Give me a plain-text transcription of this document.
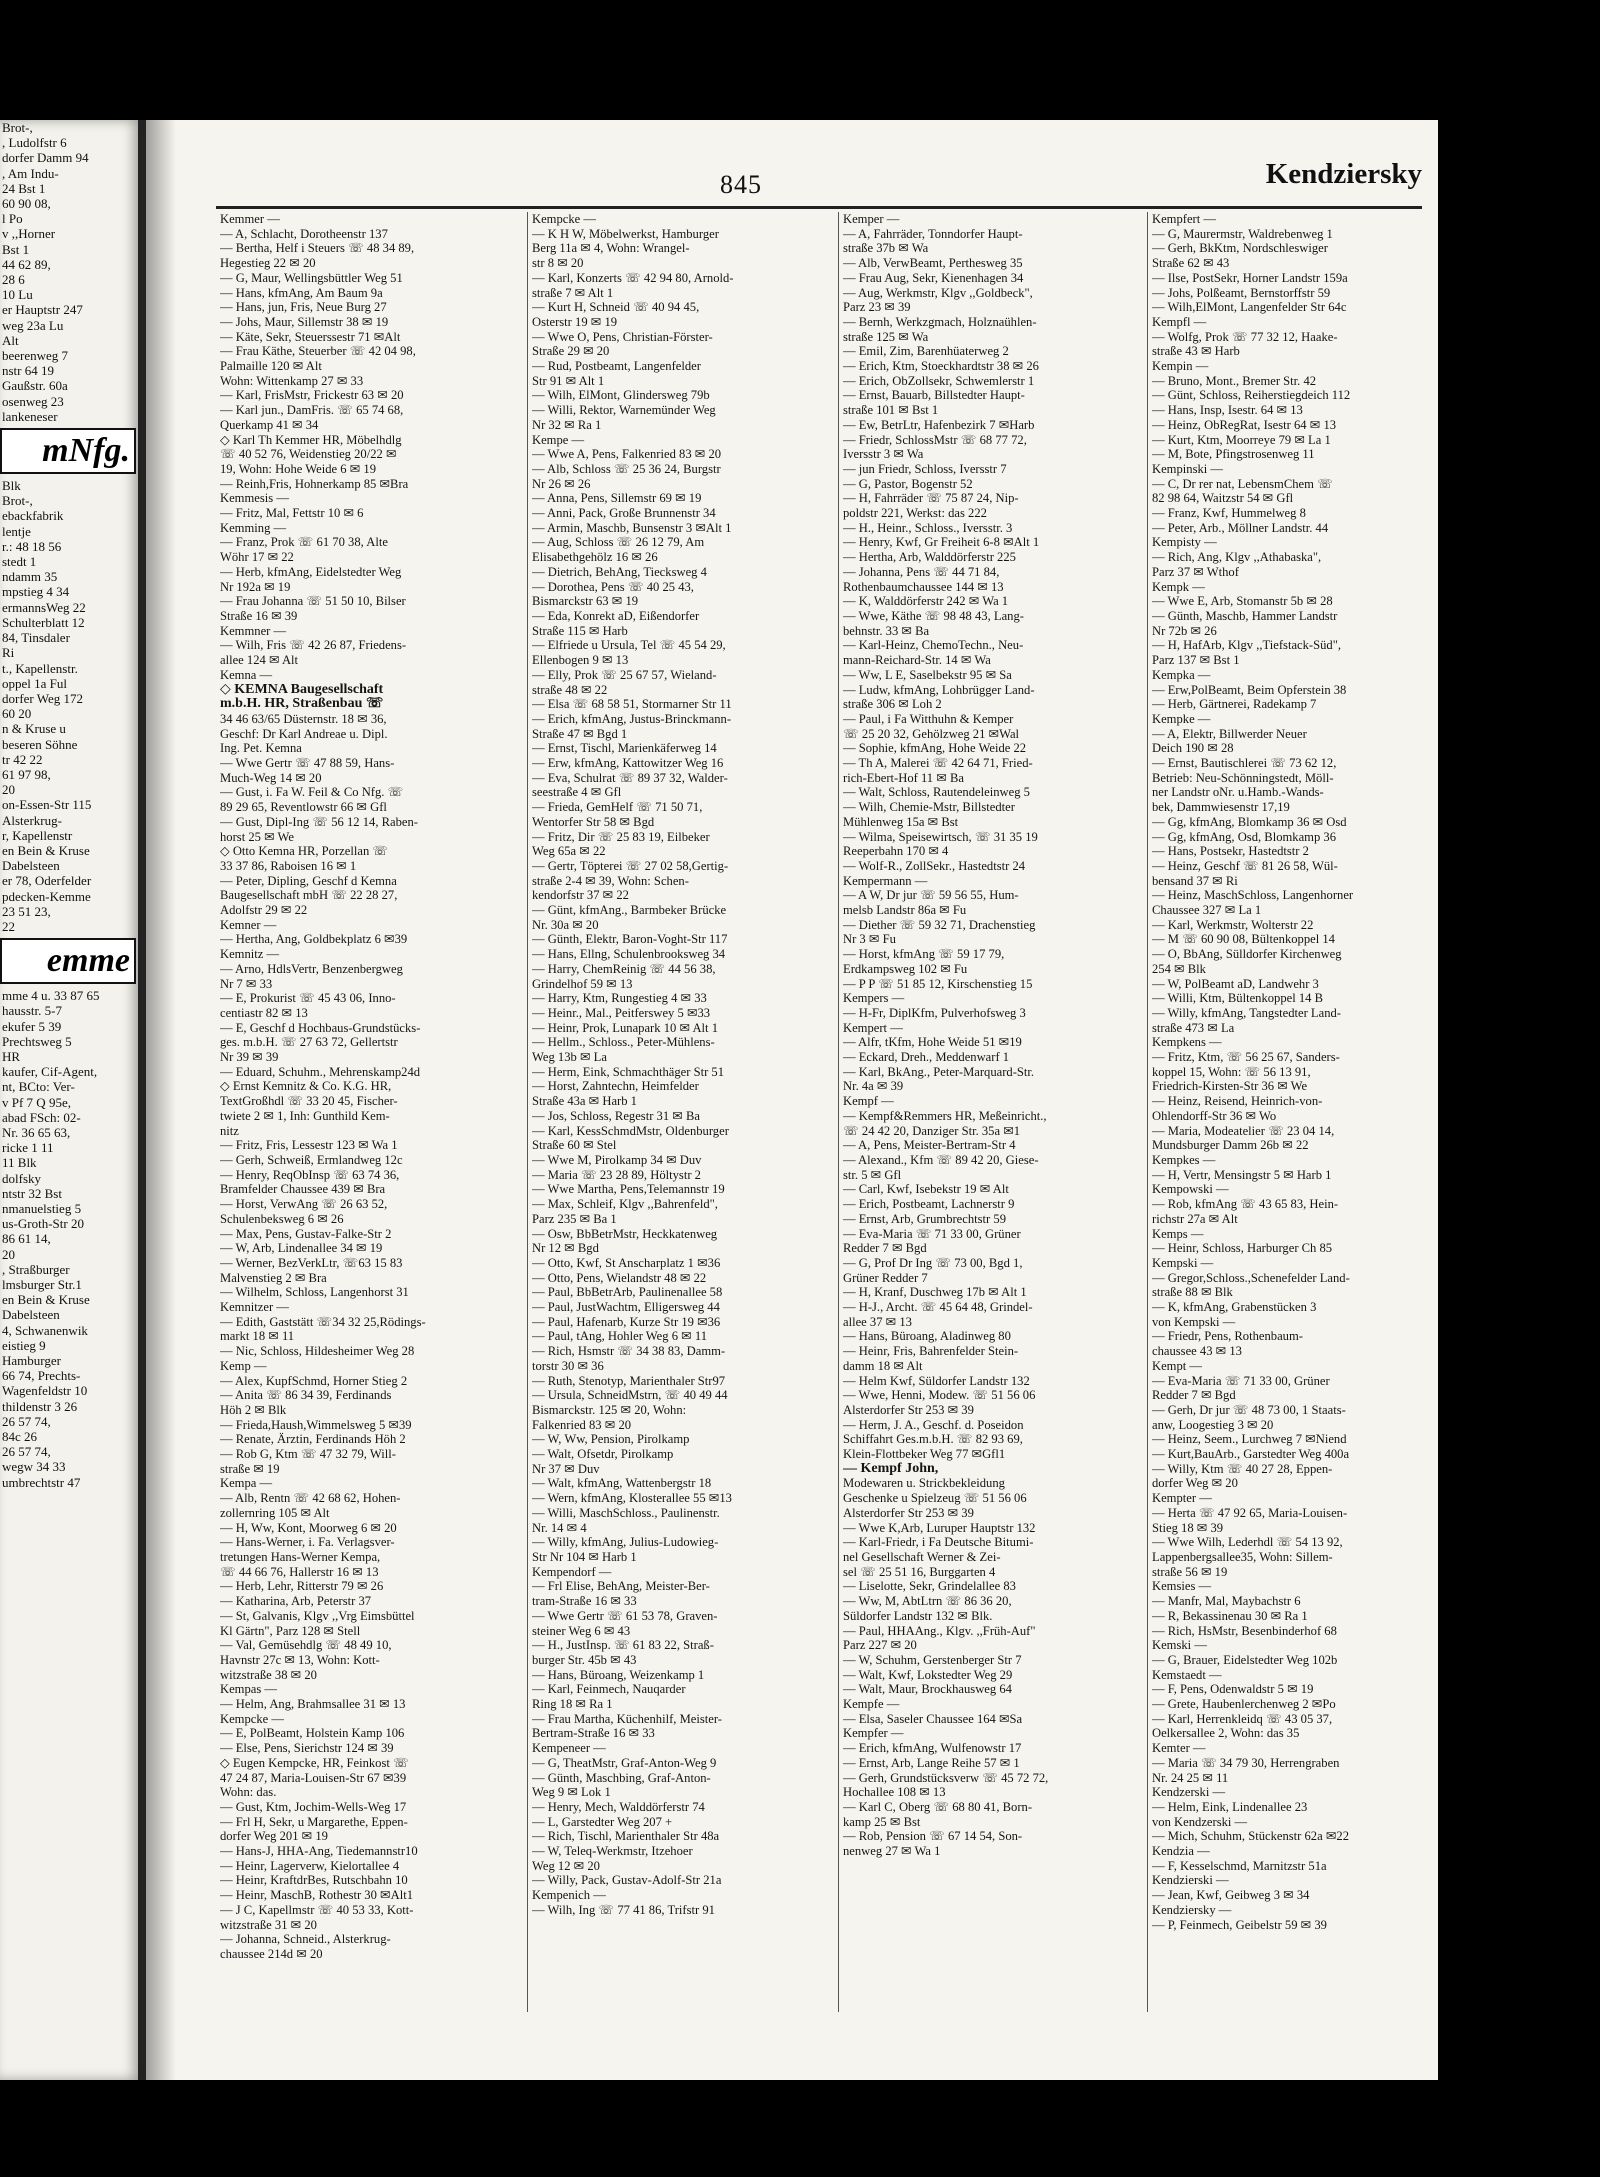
Brot-,
, Ludolfstr 6
dorfer Damm 94
, Am Indu-
24 Bst 1
60 90 08,
l Po
v ,,Horner
Bst 1
44 62 89,
28 6
10 Lu
er Hauptstr 247
weg 23a Lu
Alt
beerenweg 7
nstr 64 19
Gaußstr. 60a
osenweg 23
lankeneser
mNfg.
Blk
Brot-,
ebackfabrik
lentje
r.: 48 18 56
stedt 1
ndamm 35
mpstieg 4 34
ermannsWeg 22
Schulterblatt 12
84, Tinsdaler
Ri
t., Kapellenstr.
oppel 1a Ful
dorfer Weg 172
60 20
n & Kruse u
beseren Söhne
tr 42 22
61 97 98,
20
on-Essen-Str 115
Alsterkrug-
r, Kapellenstr
en Bein & Kruse
Dabelsteen
er 78, Oderfelder
pdecken-Kemme
23 51 23,
22
emme
mme 4 u. 33 87 65
hausstr. 5-7
ekufer 5 39
Prechtsweg 5
HR
kaufer, Cif-Agent,
nt, BCto: Ver-
v Pf 7 Q 95e,
abad FSch: 02-
Nr. 36 65 63,
ricke 1 11
11 Blk
dolfsky
ntstr 32 Bst
nmanuelstieg 5
us-Groth-Str 20
86 61 14,
20
, Straßburger
lmsburger Str.1
en Bein & Kruse
Dabelsteen
4, Schwanenwik
eistieg 9
Hamburger
66 74, Prechts-
Wagenfeldstr 10
thildenstr 3 26
26 57 74,
84c 26
26 57 74,
wegw 34 33
umbrechtstr 47
845	Kendziersky
Kemmer —
— A, Schlacht, Dorotheenstr 137
— Bertha, Helf i Steuers ☏ 48 34 89,
Hegestieg 22 ✉ 20
— G, Maur, Wellingsbüttler Weg 51
— Hans, kfmAng, Am Baum 9a
— Hans, jun, Fris, Neue Burg 27
— Johs, Maur, Sillemstr 38 ✉ 19
— Käte, Sekr, Steuerssestr 71 ✉Alt
— Frau Käthe, Steuerber ☏ 42 04 98,
Palmaille 120 ✉ Alt
Wohn: Wittenkamp 27 ✉ 33
— Karl, FrisMstr, Frickestr 63 ✉ 20
— Karl jun., DamFris. ☏ 65 74 68,
Querkamp 41 ✉ 34
◇ Karl Th Kemmer HR, Möbelhdlg
☏ 40 52 76, Weidenstieg 20/22 ✉
19, Wohn: Hohe Weide 6 ✉ 19
— Reinh,Fris, Hohnerkamp 85 ✉Bra
Kemmesis —
— Fritz, Mal, Fettstr 10 ✉ 6
Kemming —
— Franz, Prok ☏ 61 70 38, Alte
Wöhr 17 ✉ 22
— Herb, kfmAng, Eidelstedter Weg
Nr 192a ✉ 19
— Frau Johanna ☏ 51 50 10, Bilser
Straße 16 ✉ 39
Kemmner —
— Wilh, Fris ☏ 42 26 87, Friedens-
allee 124 ✉ Alt
Kemna —
◇ KEMNA Baugesellschaft
m.b.H. HR, Straßenbau ☏
34 46 63/65 Düsternstr. 18 ✉ 36,
Geschf: Dr Karl Andreae u. Dipl.
Ing. Pet. Kemna
— Wwe Gertr ☏ 47 88 59, Hans-
Much-Weg 14 ✉ 20
— Gust, i. Fa W. Feil & Co Nfg. ☏
89 29 65, Reventlowstr 66 ✉ Gfl
— Gust, Dipl-Ing ☏ 56 12 14, Raben-
horst 25 ✉ We
◇ Otto Kemna HR, Porzellan ☏
33 37 86, Raboisen 16 ✉ 1
— Peter, Dipling, Geschf d Kemna
Baugesellschaft mbH ☏ 22 28 27,
Adolfstr 29 ✉ 22
Kemner —
— Hertha, Ang, Goldbekplatz 6 ✉39
Kemnitz —
— Arno, HdlsVertr, Benzenbergweg
Nr 7 ✉ 33
— E, Prokurist ☏ 45 43 06, Inno-
centiastr 82 ✉ 13
— E, Geschf d Hochbaus-Grundstücks-
ges. m.b.H. ☏ 27 63 72, Gellertstr
Nr 39 ✉ 39
— Eduard, Schuhm., Mehrenskamp24d
◇ Ernst Kemnitz & Co. K.G. HR,
TextGroßhdl ☏ 33 20 45, Fischer-
twiete 2 ✉ 1, Inh: Gunthild Kem-
nitz
— Fritz, Fris, Lessestr 123 ✉ Wa 1
— Gerh, Schweiß, Ermlandweg 12c
— Henry, ReqObInsp ☏ 63 74 36,
Bramfelder Chaussee 439 ✉ Bra
— Horst, VerwAng ☏ 26 63 52,
Schulenbeksweg 6 ✉ 26
— Max, Pens, Gustav-Falke-Str 2
— W, Arb, Lindenallee 34 ✉ 19
— Werner, BezVerkLtr, ☏63 15 83
Malvenstieg 2 ✉ Bra
— Wilhelm, Schloss, Langenhorst 31
Kemnitzer —
— Edith, Gaststätt ☏34 32 25,Rödings-
markt 18 ✉ 11
— Nic, Schloss, Hildesheimer Weg 28
Kemp —
— Alex, KupfSchmd, Horner Stieg 2
— Anita ☏ 86 34 39, Ferdinands
Höh 2 ✉ Blk
— Frieda,Haush,Wimmelsweg 5 ✉39
— Renate, Ärztin, Ferdinands Höh 2
— Rob G, Ktm ☏ 47 32 79, Will-
straße ✉ 19
Kempa —
— Alb, Rentn ☏ 42 68 62, Hohen-
zollernring 105 ✉ Alt
— H, Ww, Kont, Moorweg 6 ✉ 20
— Hans-Werner, i. Fa. Verlagsver-
tretungen Hans-Werner Kempa,
☏ 44 66 76, Hallerstr 16 ✉ 13
— Herb, Lehr, Ritterstr 79 ✉ 26
— Katharina, Arb, Peterstr 37
— St, Galvanis, Klgv ,,Vrg Eimsbüttel
Kl Gärtn", Parz 128 ✉ Stell
— Val, Gemüsehdlg ☏ 48 49 10,
Havnstr 27c ✉ 13, Wohn: Kott-
witzstraße 38 ✉ 20
Kempas —
— Helm, Ang, Brahmsallee 31 ✉ 13
Kempcke —
— E, PolBeamt, Holstein Kamp 106
— Else, Pens, Sierichstr 124 ✉ 39
◇ Eugen Kempcke, HR, Feinkost ☏
47 24 87, Maria-Louisen-Str 67 ✉39
Wohn: das.
— Gust, Ktm, Jochim-Wells-Weg 17
— Frl H, Sekr, u Margarethe, Eppen-
dorfer Weg 201 ✉ 19
— Hans-J, HHA-Ang, Tiedemannstr10
— Heinr, Lagerverw, Kielortallee 4
— Heinr, KraftdrBes, Rutschbahn 10
— Heinr, MaschB, Rothestr 30 ✉Alt1
— J C, Kapellmstr ☏ 40 53 33, Kott-
witzstraße 31 ✉ 20
— Johanna, Schneid., Alsterkrug-
chaussee 214d ✉ 20
Kempcke —
— K H W, Möbelwerkst, Hamburger
Berg 11a ✉ 4, Wohn: Wrangel-
str 8 ✉ 20
— Karl, Konzerts ☏ 42 94 80, Arnold-
straße 7 ✉ Alt 1
— Kurt H, Schneid ☏ 40 94 45,
Osterstr 19 ✉ 19
— Wwe O, Pens, Christian-Förster-
Straße 29 ✉ 20
— Rud, Postbeamt, Langenfelder
Str 91 ✉ Alt 1
— Wilh, ElMont, Glindersweg 79b
— Willi, Rektor, Warnemünder Weg
Nr 32 ✉ Ra 1
Kempe —
— Wwe A, Pens, Falkenried 83 ✉ 20
— Alb, Schloss ☏ 25 36 24, Burgstr
Nr 26 ✉ 26
— Anna, Pens, Sillemstr 69 ✉ 19
— Anni, Pack, Große Brunnenstr 34
— Armin, Maschb, Bunsenstr 3 ✉Alt 1
— Aug, Schloss ☏ 26 12 79, Am
Elisabethgehölz 16 ✉ 26
— Dietrich, BehAng, Tiecksweg 4
— Dorothea, Pens ☏ 40 25 43,
Bismarckstr 63 ✉ 19
— Eda, Konrekt aD, Eißendorfer
Straße 115 ✉ Harb
— Elfriede u Ursula, Tel ☏ 45 54 29,
Ellenbogen 9 ✉ 13
— Elly, Prok ☏ 25 67 57, Wieland-
straße 48 ✉ 22
— Elsa ☏ 68 58 51, Stormarner Str 11
— Erich, kfmAng, Justus-Brinckmann-
Straße 47 ✉ Bgd 1
— Ernst, Tischl, Marienkäferweg 14
— Erw, kfmAng, Kattowitzer Weg 16
— Eva, Schulrat ☏ 89 37 32, Walder-
seestraße 4 ✉ Gfl
— Frieda, GemHelf ☏ 71 50 71,
Wentorfer Str 58 ✉ Bgd
— Fritz, Dir ☏ 25 83 19, Eilbeker
Weg 65a ✉ 22
— Gertr, Töpterei ☏ 27 02 58,Gertig-
straße 2-4 ✉ 39, Wohn: Schen-
kendorfstr 37 ✉ 22
— Günt, kfmAng., Barmbeker Brücke
Nr. 30a ✉ 20
— Günth, Elektr, Baron-Voght-Str 117
— Hans, Ellng, Schulenbrooksweg 34
— Harry, ChemReinig ☏ 44 56 38,
Grindelhof 59 ✉ 13
— Harry, Ktm, Rungestieg 4 ✉ 33
— Heinr., Mal., Peitferswey 5 ✉33
— Heinr, Prok, Lunapark 10 ✉ Alt 1
— Hellm., Schloss., Peter-Mühlens-
Weg 13b ✉ La
— Herm, Eink, Schmachthäger Str 51
— Horst, Zahntechn, Heimfelder
Straße 43a ✉ Harb 1
— Jos, Schloss, Regestr 31 ✉ Ba
— Karl, KessSchmdMstr, Oldenburger
Straße 60 ✉ Stel
— Wwe M, Pirolkamp 34 ✉ Duv
— Maria ☏ 23 28 89, Höltystr 2
— Wwe Martha, Pens,Telemannstr 19
— Max, Schleif, Klgv ,,Bahrenfeld",
Parz 235 ✉ Ba 1
— Osw, BbBetrMstr, Heckkatenweg
Nr 12 ✉ Bgd
— Otto, Kwf, St Anscharplatz 1 ✉36
— Otto, Pens, Wielandstr 48 ✉ 22
— Paul, BbBetrArb, Paulinenallee 58
— Paul, JustWachtm, Elligersweg 44
— Paul, Hafenarb, Kurze Str 19 ✉36
— Paul, tAng, Hohler Weg 6 ✉ 11
— Rich, Hsmstr ☏ 34 38 83, Damm-
torstr 30 ✉ 36
— Ruth, Stenotyp, Marienthaler Str97
— Ursula, SchneidMstrn, ☏ 40 49 44
Bismarckstr. 125 ✉ 20, Wohn:
Falkenried 83 ✉ 20
— W, Ww, Pension, Pirolkamp
— Walt, Ofsetdr, Pirolkamp
Nr 37 ✉ Duv
— Walt, kfmAng, Wattenbergstr 18
— Wern, kfmAng, Klosterallee 55 ✉13
— Willi, MaschSchloss., Paulinenstr.
Nr. 14 ✉ 4
— Willy, kfmAng, Julius-Ludowieg-
Str Nr 104 ✉ Harb 1
Kempendorf —
— Frl Elise, BehAng, Meister-Ber-
tram-Straße 16 ✉ 33
— Wwe Gertr ☏ 61 53 78, Graven-
steiner Weg 6 ✉ 43
— H., JustInsp. ☏ 61 83 22, Straß-
burger Str. 45b ✉ 43
— Hans, Büroang, Weizenkamp 1
— Karl, Feinmech, Nauqarder
Ring 18 ✉ Ra 1
— Frau Martha, Küchenhilf, Meister-
Bertram-Straße 16 ✉ 33
Kempeneer —
— G, TheatMstr, Graf-Anton-Weg 9
— Günth, Maschbing, Graf-Anton-
Weg 9 ✉ Lok 1
— Henry, Mech, Walddörferstr 74
— L, Garstedter Weg 207 +
— Rich, Tischl, Marienthaler Str 48a
— W, Teleq-Werkmstr, Itzehoer
Weg 12 ✉ 20
— Willy, Pack, Gustav-Adolf-Str 21a
Kempenich —
— Wilh, Ing ☏ 77 41 86, Trifstr 91
Kemper —
— A, Fahrräder, Tonndorfer Haupt-
straße 37b ✉ Wa
— Alb, VerwBeamt, Perthesweg 35
— Frau Aug, Sekr, Kienenhagen 34
— Aug, Werkmstr, Klgv ,,Goldbeck",
Parz 23 ✉ 39
— Bernh, Werkzgmach, Holznaühlen-
straße 125 ✉ Wa
— Emil, Zim, Barenhüaterweg 2
— Erich, Ktm, Stoeckhardtstr 38 ✉ 26
— Erich, ObZollsekr, Schwemlerstr 1
— Ernst, Bauarb, Billstedter Haupt-
straße 101 ✉ Bst 1
— Ew, BetrLtr, Hafenbezirk 7 ✉Harb
— Friedr, SchlossMstr ☏ 68 77 72,
Iversstr 3 ✉ Wa
— jun Friedr, Schloss, Iversstr 7
— G, Pastor, Bogenstr 52
— H, Fahrräder ☏ 75 87 24, Nip-
poldstr 221, Werkst: das 222
— H., Heinr., Schloss., Iversstr. 3
— Henry, Kwf, Gr Freiheit 6-8 ✉Alt 1
— Hertha, Arb, Walddörferstr 225
— Johanna, Pens ☏ 44 71 84,
Rothenbaumchaussee 144 ✉ 13
— K, Walddörferstr 242 ✉ Wa 1
— Wwe, Käthe ☏ 98 48 43, Lang-
behnstr. 33 ✉ Ba
— Karl-Heinz, ChemoTechn., Neu-
mann-Reichard-Str. 14 ✉ Wa
— Ww, L E, Saselbekstr 95 ✉ Sa
— Ludw, kfmAng, Lohbrügger Land-
straße 306 ✉ Loh 2
— Paul, i Fa Witthuhn & Kemper
☏ 25 20 32, Gehölzweg 21 ✉Wal
— Sophie, kfmAng, Hohe Weide 22
— Th A, Malerei ☏ 42 64 71, Fried-
rich-Ebert-Hof 11 ✉ Ba
— Walt, Schloss, Rautendeleinweg 5
— Wilh, Chemie-Mstr, Billstedter
Mühlenweg 15a ✉ Bst
— Wilma, Speisewirtsch, ☏ 31 35 19
Reeperbahn 170 ✉ 4
— Wolf-R., ZollSekr., Hastedtstr 24
Kempermann —
— A W, Dr jur ☏ 59 56 55, Hum-
melsb Landstr 86a ✉ Fu
— Diether ☏ 59 32 71, Drachenstieg
Nr 3 ✉ Fu
— Horst, kfmAng ☏ 59 17 79,
Erdkampsweg 102 ✉ Fu
— P P ☏ 51 85 12, Kirschenstieg 15
Kempers —
— H-Fr, DiplKfm, Pulverhofsweg 3
Kempert —
— Alfr, tKfm, Hohe Weide 51 ✉19
— Eckard, Dreh., Meddenwarf 1
— Karl, BkAng., Peter-Marquard-Str.
Nr. 4a ✉ 39
Kempf —
— Kempf&Remmers HR, Meßeinricht.,
☏ 24 42 20, Danziger Str. 35a ✉1
— A, Pens, Meister-Bertram-Str 4
— Alexand., Kfm ☏ 89 42 20, Giese-
str. 5 ✉ Gfl
— Carl, Kwf, Isebekstr 19 ✉ Alt
— Erich, Postbeamt, Lachnerstr 9
— Ernst, Arb, Grumbrechtstr 59
— Eva-Maria ☏ 71 33 00, Grüner
Redder 7 ✉ Bgd
— G, Prof Dr Ing ☏ 73 00, Bgd 1,
Grüner Redder 7
— H, Kranf, Duschweg 17b ✉ Alt 1
— H-J., Archt. ☏ 45 64 48, Grindel-
allee 37 ✉ 13
— Hans, Büroang, Aladinweg 80
— Heinr, Fris, Bahrenfelder Stein-
damm 18 ✉ Alt
— Helm Kwf, Süldorfer Landstr 132
— Wwe, Henni, Modew. ☏ 51 56 06
Alsterdorfer Str 253 ✉ 39
— Herm, J. A., Geschf. d. Poseidon
Schiffahrt Ges.m.b.H. ☏ 82 93 69,
Klein-Flottbeker Weg 77 ✉Gfl1
— Kempf John,
Modewaren u. Strickbekleidung
Geschenke u Spielzeug ☏ 51 56 06
Alsterdorfer Str 253 ✉ 39
— Wwe K,Arb, Luruper Hauptstr 132
— Karl-Friedr, i Fa Deutsche Bitumi-
nel Gesellschaft Werner & Zei-
sel ☏ 25 51 16, Burggarten 4
— Liselotte, Sekr, Grindelallee 83
— Ww, M, AbtLtrn ☏ 86 36 20,
Süldorfer Landstr 132 ✉ Blk.
— Paul, HHAAng., Klgv. ,,Früh-Auf"
Parz 227 ✉ 20
— W, Schuhm, Gerstenberger Str 7
— Walt, Kwf, Lokstedter Weg 29
— Walt, Maur, Brockhausweg 64
Kempfe —
— Elsa, Saseler Chaussee 164 ✉Sa
Kempfer —
— Erich, kfmAng, Wulfenowstr 17
— Ernst, Arb, Lange Reihe 57 ✉ 1
— Gerh, Grundstücksverw ☏ 45 72 72,
Hochallee 108 ✉ 13
— Karl C, Oberg ☏ 68 80 41, Born-
kamp 25 ✉ Bst
— Rob, Pension ☏ 67 14 54, Son-
nenweg 27 ✉ Wa 1
Kempfert —
— G, Maurermstr, Waldrebenweg 1
— Gerh, BkKtm, Nordschleswiger
Straße 62 ✉ 43
— Ilse, PostSekr, Horner Landstr 159a
— Johs, Polßeamt, Bernstorffstr 59
— Wilh,ElMont, Langenfelder Str 64c
Kempfl —
— Wolfg, Prok ☏ 77 32 12, Haake-
straße 43 ✉ Harb
Kempin —
— Bruno, Mont., Bremer Str. 42
— Günt, Schloss, Reiherstiegdeich 112
— Hans, Insp, Isestr. 64 ✉ 13
— Heinz, ObRegRat, Isestr 64 ✉ 13
— Kurt, Ktm, Moorreye 79 ✉ La 1
— M, Bote, Pfingstrosenweg 11
Kempinski —
— C, Dr rer nat, LebensmChem ☏
82 98 64, Waitzstr 54 ✉ Gfl
— Franz, Kwf, Hummelweg 8
— Peter, Arb., Möllner Landstr. 44
Kempisty —
— Rich, Ang, Klgv ,,Athabaska",
Parz 37 ✉ Wthof
Kempk —
— Wwe E, Arb, Stomanstr 5b ✉ 28
— Günth, Maschb, Hammer Landstr
Nr 72b ✉ 26
— H, HafArb, Klgv ,,Tiefstack-Süd",
Parz 137 ✉ Bst 1
Kempka —
— Erw,PolBeamt, Beim Opferstein 38
— Herb, Gärtnerei, Radekamp 7
Kempke —
— A, Elektr, Billwerder Neuer
Deich 190 ✉ 28
— Ernst, Bautischlerei ☏ 73 62 12,
Betrieb: Neu-Schönningstedt, Möll-
ner Landstr oNr. u.Hamb.-Wands-
bek, Dammwiesenstr 17,19
— Gg, kfmAng, Blomkamp 36 ✉ Osd
— Gg, kfmAng, Osd, Blomkamp 36
— Hans, Postsekr, Hastedtstr 2
— Heinz, Geschf ☏ 81 26 58, Wül-
bensand 37 ✉ Ri
— Heinz, MaschSchloss, Langenhorner
Chaussee 327 ✉ La 1
— Karl, Werkmstr, Wolterstr 22
— M ☏ 60 90 08, Bültenkoppel 14
— O, BbAng, Sülldorfer Kirchenweg
254 ✉ Blk
— W, PolBeamt aD, Landwehr 3
— Willi, Ktm, Bültenkoppel 14 B
— Willy, kfmAng, Tangstedter Land-
straße 473 ✉ La
Kempkens —
— Fritz, Ktm, ☏ 56 25 67, Sanders-
koppel 15, Wohn: ☏ 56 13 91,
Friedrich-Kirsten-Str 36 ✉ We
— Heinz, Reisend, Heinrich-von-
Ohlendorff-Str 36 ✉ Wo
— Maria, Modeatelier ☏ 23 04 14,
Mundsburger Damm 26b ✉ 22
Kempkes —
— H, Vertr, Mensingstr 5 ✉ Harb 1
Kempowski —
— Rob, kfmAng ☏ 43 65 83, Hein-
richstr 27a ✉ Alt
Kemps —
— Heinr, Schloss, Harburger Ch 85
Kempski —
— Gregor,Schloss.,Schenefelder Land-
straße 88 ✉ Blk
— K, kfmAng, Grabenstücken 3
von Kempski —
— Friedr, Pens, Rothenbaum-
chaussee 43 ✉ 13
Kempt —
— Eva-Maria ☏ 71 33 00, Grüner
Redder 7 ✉ Bgd
— Gerh, Dr jur ☏ 48 73 00, 1 Staats-
anw, Loogestieg 3 ✉ 20
— Heinz, Seem., Lurchweg 7 ✉Niend
— Kurt,BauArb., Garstedter Weg 400a
— Willy, Ktm ☏ 40 27 28, Eppen-
dorfer Weg ✉ 20
Kempter —
— Herta ☏ 47 92 65, Maria-Louisen-
Stieg 18 ✉ 39
— Wwe Wilh, Lederhdl ☏ 54 13 92,
Lappenbergsallee35, Wohn: Sillem-
straße 56 ✉ 19
Kemsies —
— Manfr, Mal, Maybachstr 6
— R, Bekassinenau 30 ✉ Ra 1
— Rich, HsMstr, Besenbinderhof 68
Kemski —
— G, Brauer, Eidelstedter Weg 102b
Kemstaedt —
— F, Pens, Odenwaldstr 5 ✉ 19
— Grete, Haubenlerchenweg 2 ✉Po
— Karl, Herrenkleidq ☏ 43 05 37,
Oelkersallee 2, Wohn: das 35
Kemter —
— Maria ☏ 34 79 30, Herrengraben
Nr. 24 25 ✉ 11
Kendzerski —
— Helm, Eink, Lindenallee 23
von Kendzerski —
— Mich, Schuhm, Stückenstr 62a ✉22
Kendzia —
— F, Kesselschmd, Marnitzstr 51a
Kendzierski —
— Jean, Kwf, Geibweg 3 ✉ 34
Kendziersky —
— P, Feinmech, Geibelstr 59 ✉ 39
